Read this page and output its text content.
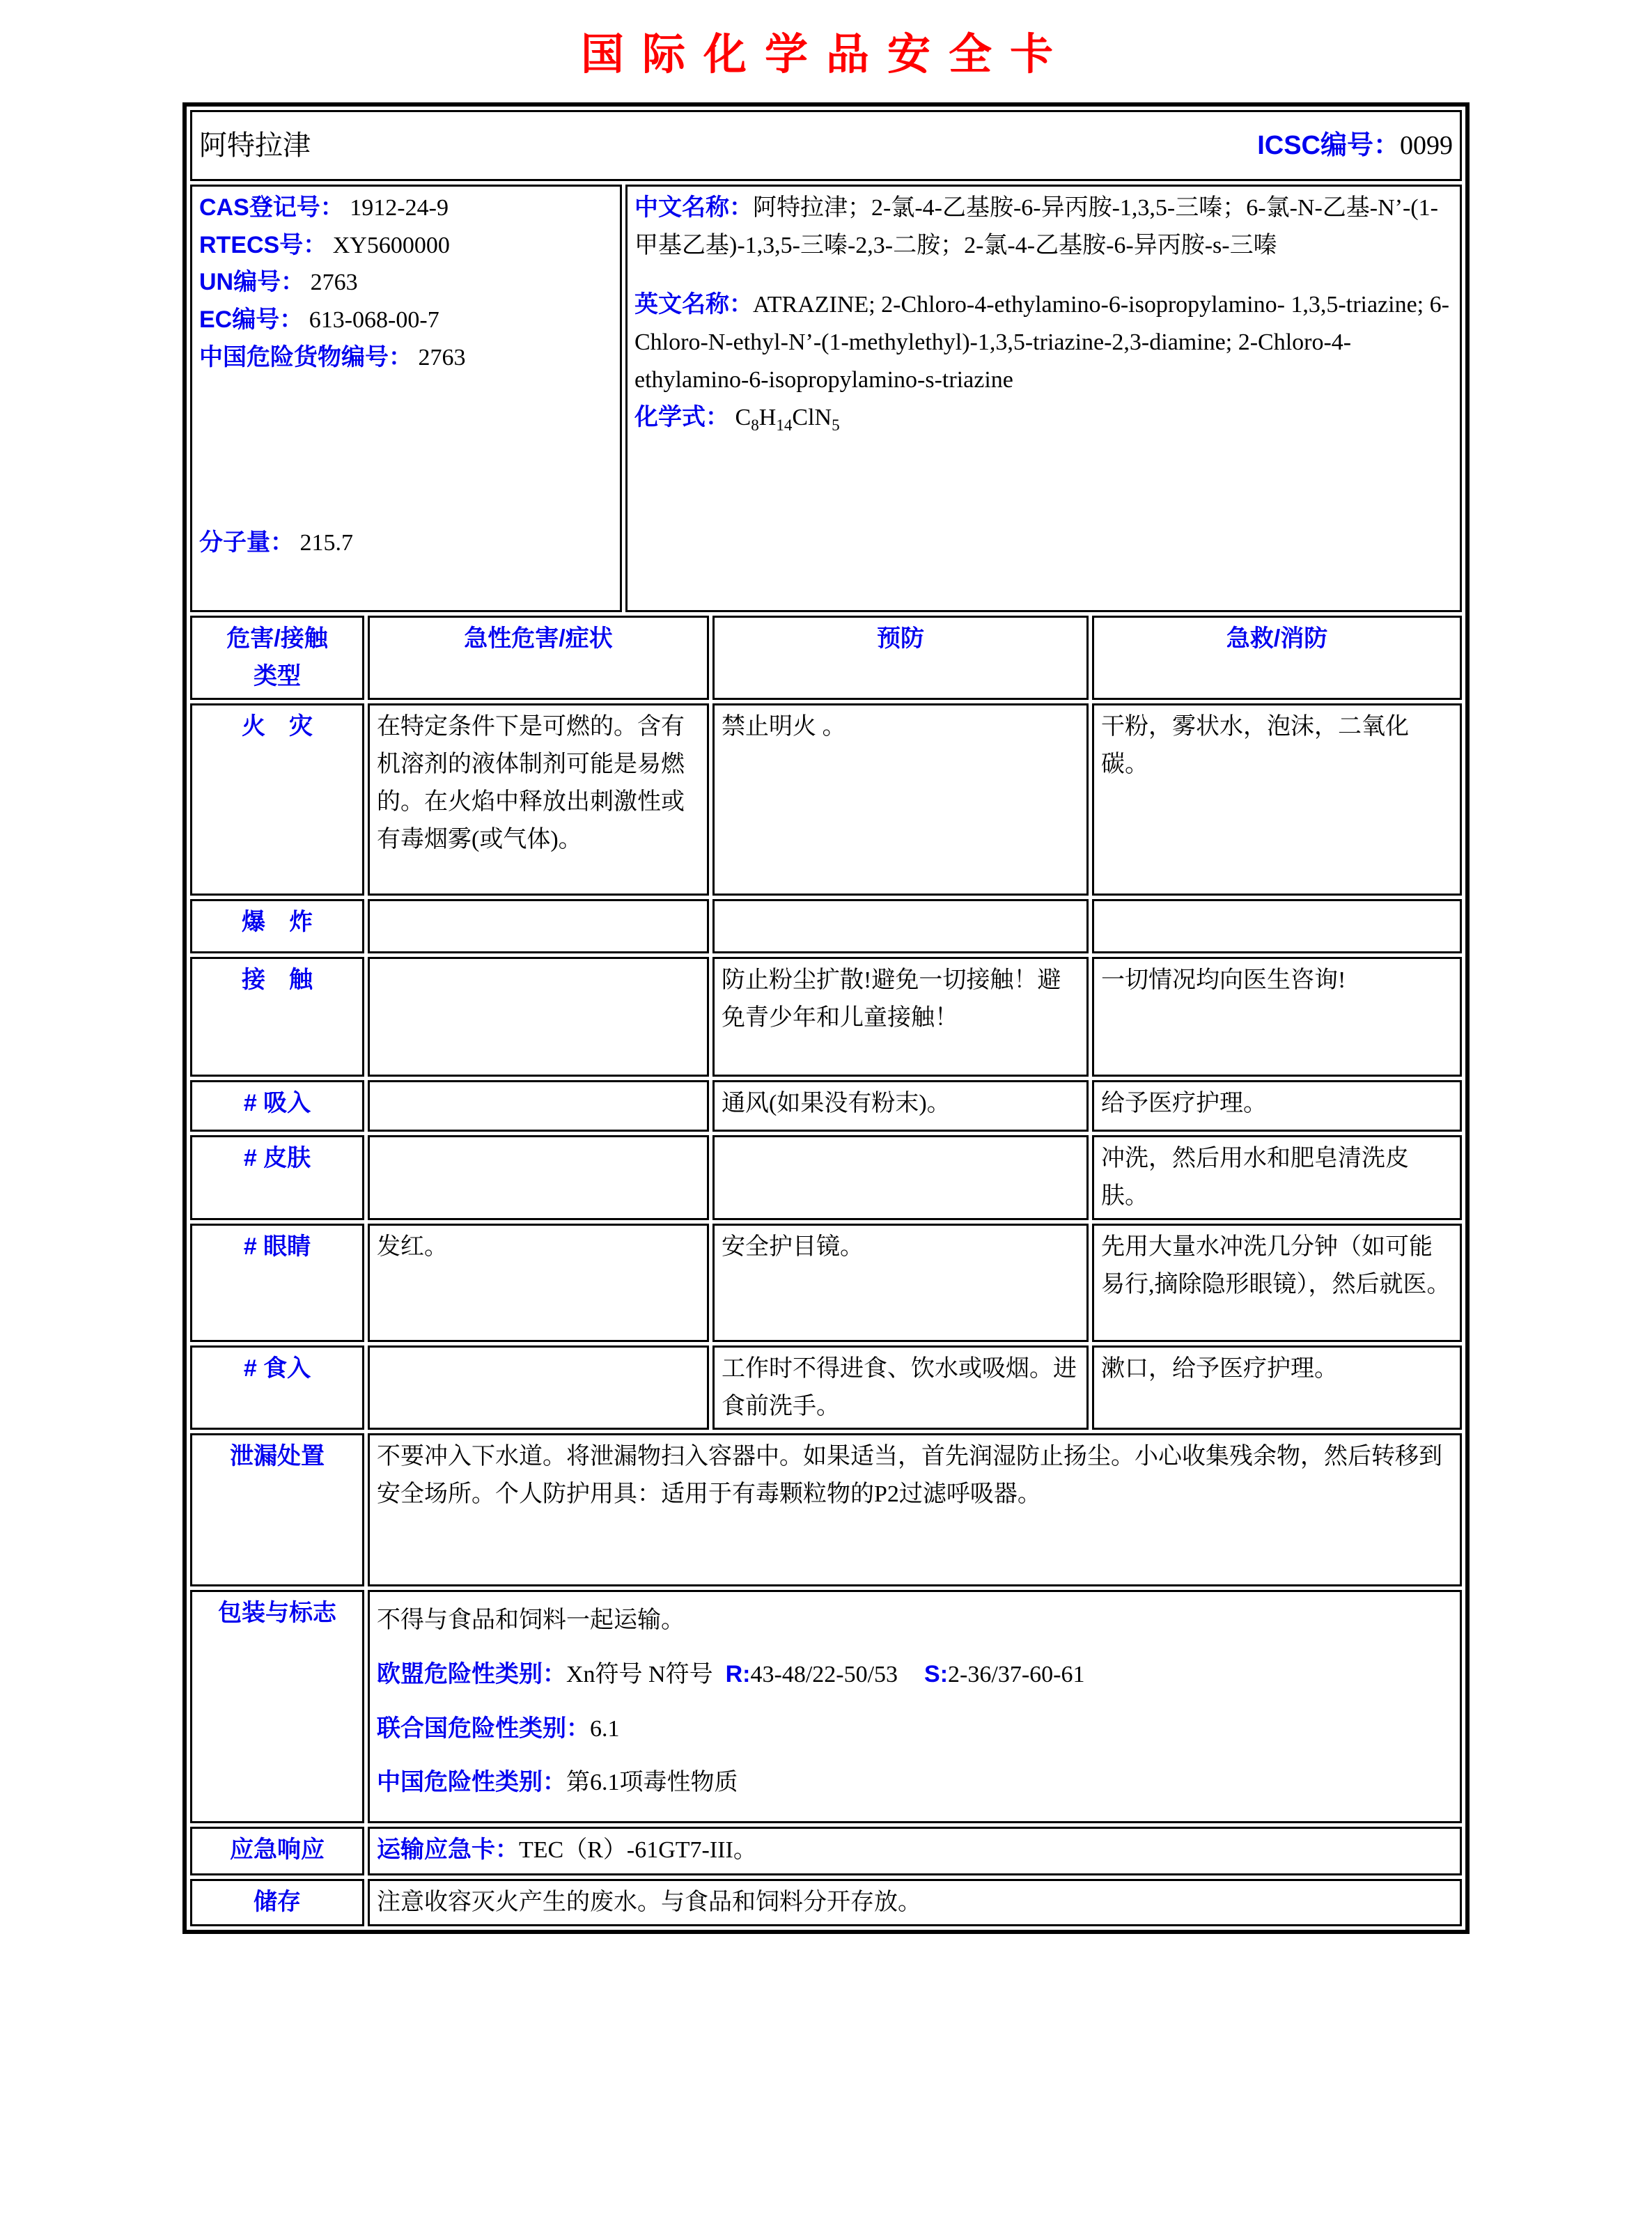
国际化学品安全卡
阿特拉津 ICSC编号：0099				

CAS登记号： 1912-24-9
RTECS号： XY5600000
UN编号： 2763
EC编号： 613-068-00-7
中国危险货物编号： 2763
分子量： 215.7

中文名称：阿特拉津；2-氯-4-乙基胺-6-异丙胺-1,3,5-三嗪；6-氯-N-乙基-N’-(1-甲基乙基)-1,3,5-三嗪-2,3-二胺；2-氯-4-乙基胺-6-异丙胺-s-三嗪
英文名称：ATRAZINE; 2-Chloro-4-ethylamino-6-isopropylamino- 1,3,5-triazine; 6-Chloro-N-ethyl-N’-(1-methylethyl)-1,3,5-triazine-2,3-diamine; 2-Chloro-4-ethylamino-6-isopropylamino-s-triazine
化学式： $C_8H_{14}ClN_5$

危害/接触
类型	急性危害/症状		预防	急救/消防
火　灾	在特定条件下是可燃的。含有机溶剂的液体制剂可能是易燃的。在火焰中释放出刺激性或有毒烟雾(或气体)。		禁止明火 。	干粉，雾状水，泡沫，二氧化碳。
爆　炸				
接　触			防止粉尘扩散!避免一切接触！避免青少年和儿童接触！	一切情况均向医生咨询!
# 吸入			通风(如果没有粉末)。	给予医疗护理。
# 皮肤				冲洗，然后用水和肥皂清洗皮肤。
# 眼睛	发红。		安全护目镜。	先用大量水冲洗几分钟（如可能易行,摘除隐形眼镜），然后就医。
# 食入			工作时不得进食、饮水或吸烟。进食前洗手。	漱口，给予医疗护理。
泄漏处置	不要冲入下水道。将泄漏物扫入容器中。如果适当，首先润湿防止扬尘。小心收集残余物，然后转移到安全场所。个人防护用具：适用于有毒颗粒物的P2过滤呼吸器。			
包装与标志	不得与食品和饲料一起运输。
欧盟危险性类别：Xn符号 N符号 R:43-48/22-50/53 S:2-36/37-60-61
联合国危险性类别：6.1
中国危险性类别：第6.1项毒性物质			

应急响应	运输应急卡：TEC（R）-61GT7-III。			
储存	注意收容灭火产生的废水。与食品和饲料分开存放。			
